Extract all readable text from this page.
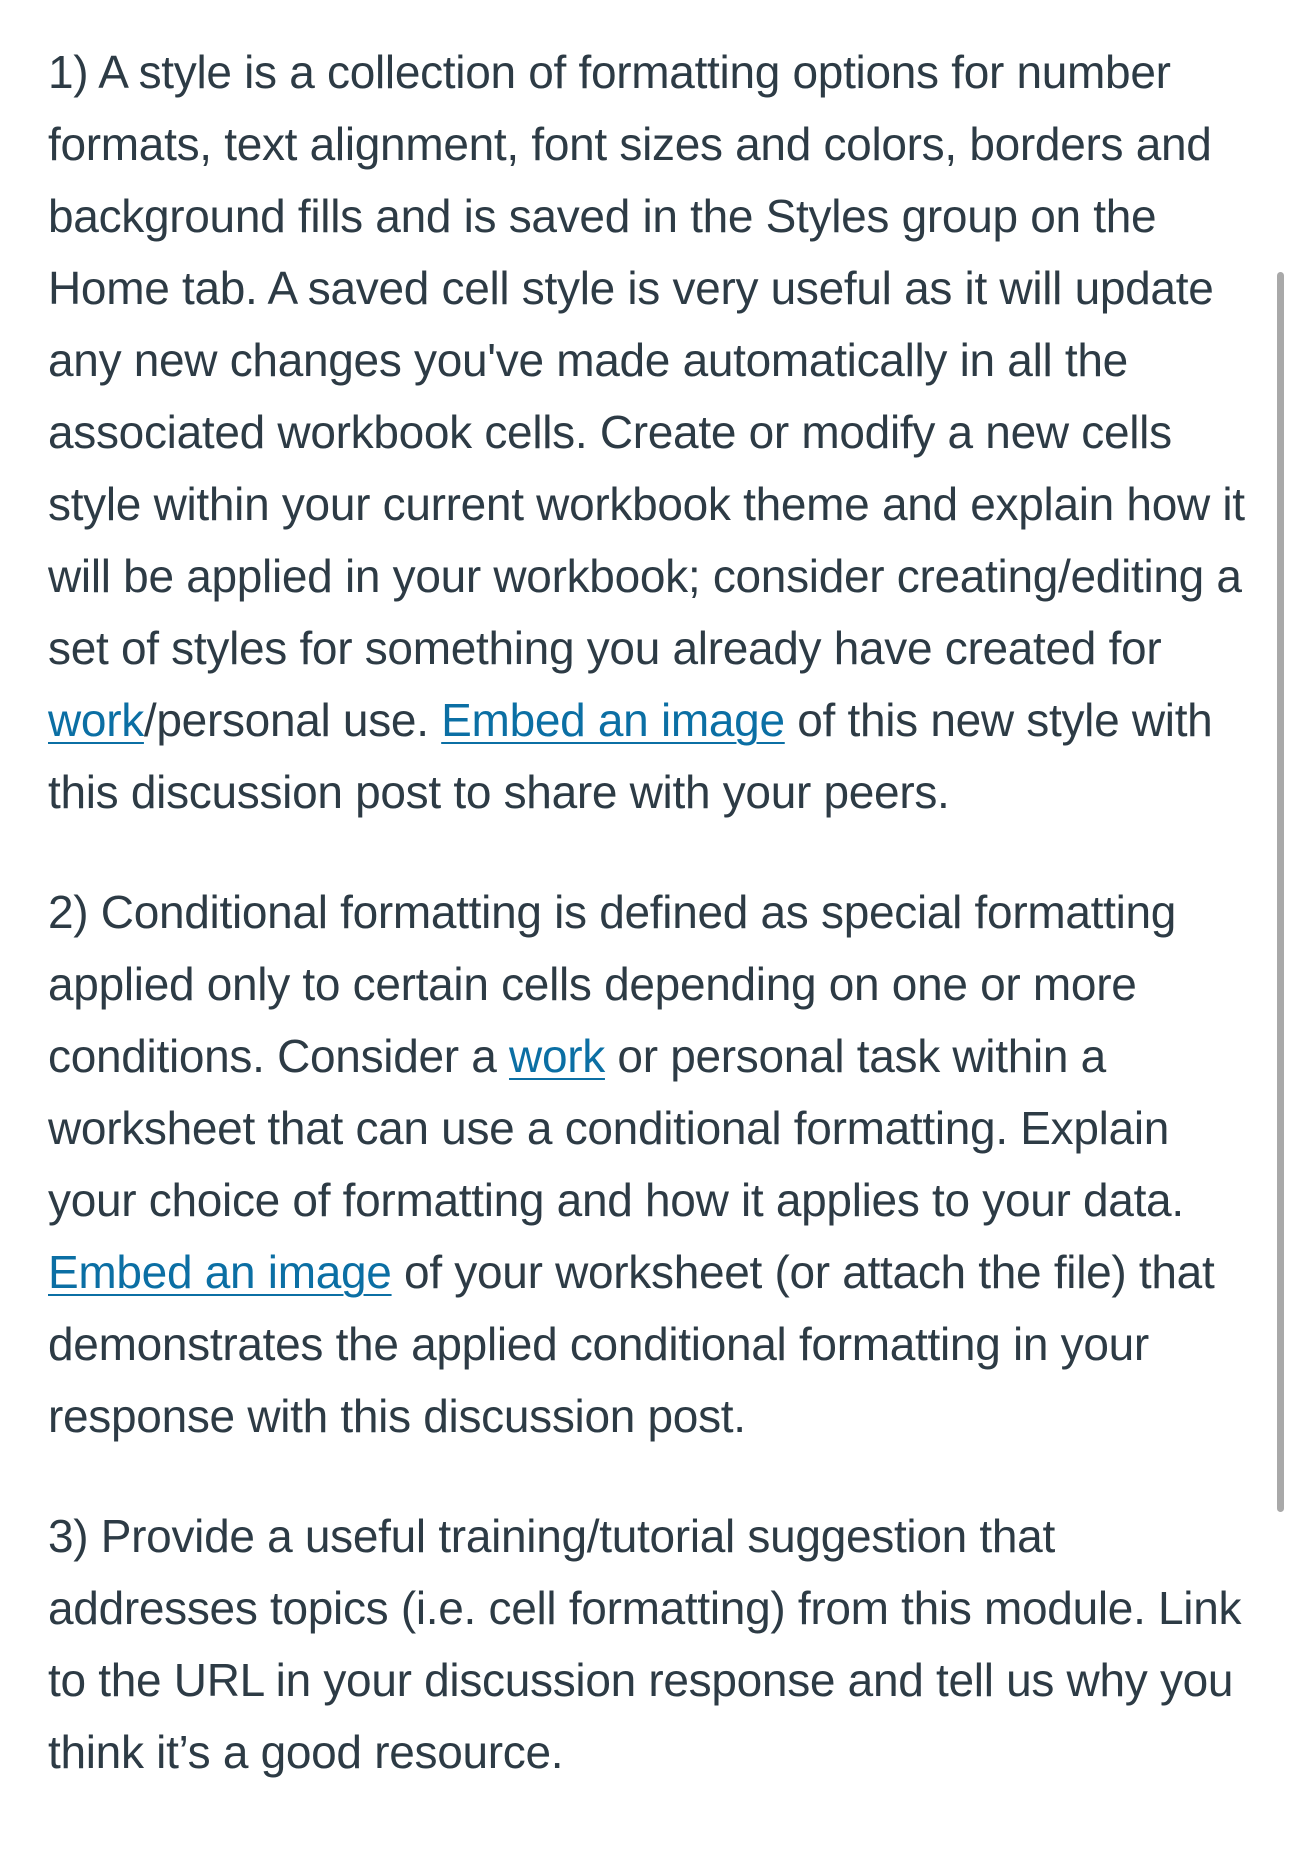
1) A style is a collection of formatting options for number formats, text alignment, font sizes and colors, borders and background fills and is saved in the Styles group on the Home tab. A saved cell style is very useful as it will update any new changes you've made automatically in all the associated workbook cells. Create or modify a new cells style within your current workbook theme and explain how it will be applied in your workbook; consider creating/editing a set of styles for something you already have created for work/personal use. Embed an image of this new style with this discussion post to share with your peers.

2) Conditional formatting is defined as special formatting applied only to certain cells depending on one or more conditions. Consider a work or personal task within a worksheet that can use a conditional formatting. Explain your choice of formatting and how it applies to your data. Embed an image of your worksheet (or attach the file) that demonstrates the applied conditional formatting in your response with this discussion post.

3) Provide a useful training/tutorial suggestion that addresses topics (i.e. cell formatting) from this module. Link to the URL in your discussion response and tell us why you think it’s a good resource.
